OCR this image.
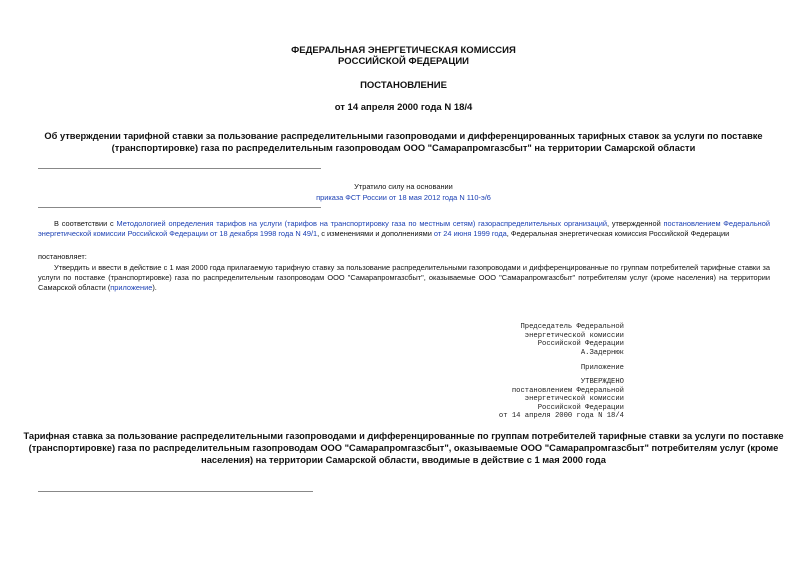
ФЕДЕРАЛЬНАЯ ЭНЕРГЕТИЧЕСКАЯ КОМИССИЯ
РОССИЙСКОЙ ФЕДЕРАЦИИ
ПОСТАНОВЛЕНИЕ
от 14 апреля 2000 года N 18/4
Об утверждении тарифной ставки за пользование распределительными газопроводами и дифференцированных тарифных ставок за услуги по поставке
(транспортировке) газа по распределительным газопроводам ООО "Самарапромгазсбыт" на территории Самарской области
Утратило силу на основании
приказа ФСТ России от 18 мая 2012 года N 110-э/6
В соответствии с Методологией определения тарифов на услуги (тарифов на транспортировку газа по местным сетям) газораспределительных организаций, утвержденной постановлением Федеральной энергетической комиссии Российской Федерации от 18 декабря 1998 года N 49/1, с изменениями и дополнениями от 24 июня 1999 года, Федеральная энергетическая комиссия Российской Федерации
постановляет:
Утвердить и ввести в действие с 1 мая 2000 года прилагаемую тарифную ставку за пользование распределительными газопроводами и дифференцированные по группам потребителей тарифные ставки за услуги по поставке (транспортировке) газа по распределительным газопроводам ООО "Самарапромгазсбыт", оказываемые ООО "Самарапромгазсбыт" потребителям услуг (кроме населения) на территории Самарской области (приложение).
Председатель Федеральной
энергетической комиссии
Российской Федерации
А.Задернюк
Приложение
УТВЕРЖДЕНО
постановлением Федеральной
энергетической комиссии
Российской Федерации
от 14 апреля 2000 года N 18/4
Тарифная ставка за пользование распределительными газопроводами и дифференцированные по группам потребителей тарифные ставки за услуги по поставке
(транспортировке) газа по распределительным газопроводам ООО "Самарапромгазсбыт", оказываемые ООО "Самарапромгазсбыт" потребителям услуг (кроме
населения) на территории Самарской области, вводимые в действие с 1 мая 2000 года
